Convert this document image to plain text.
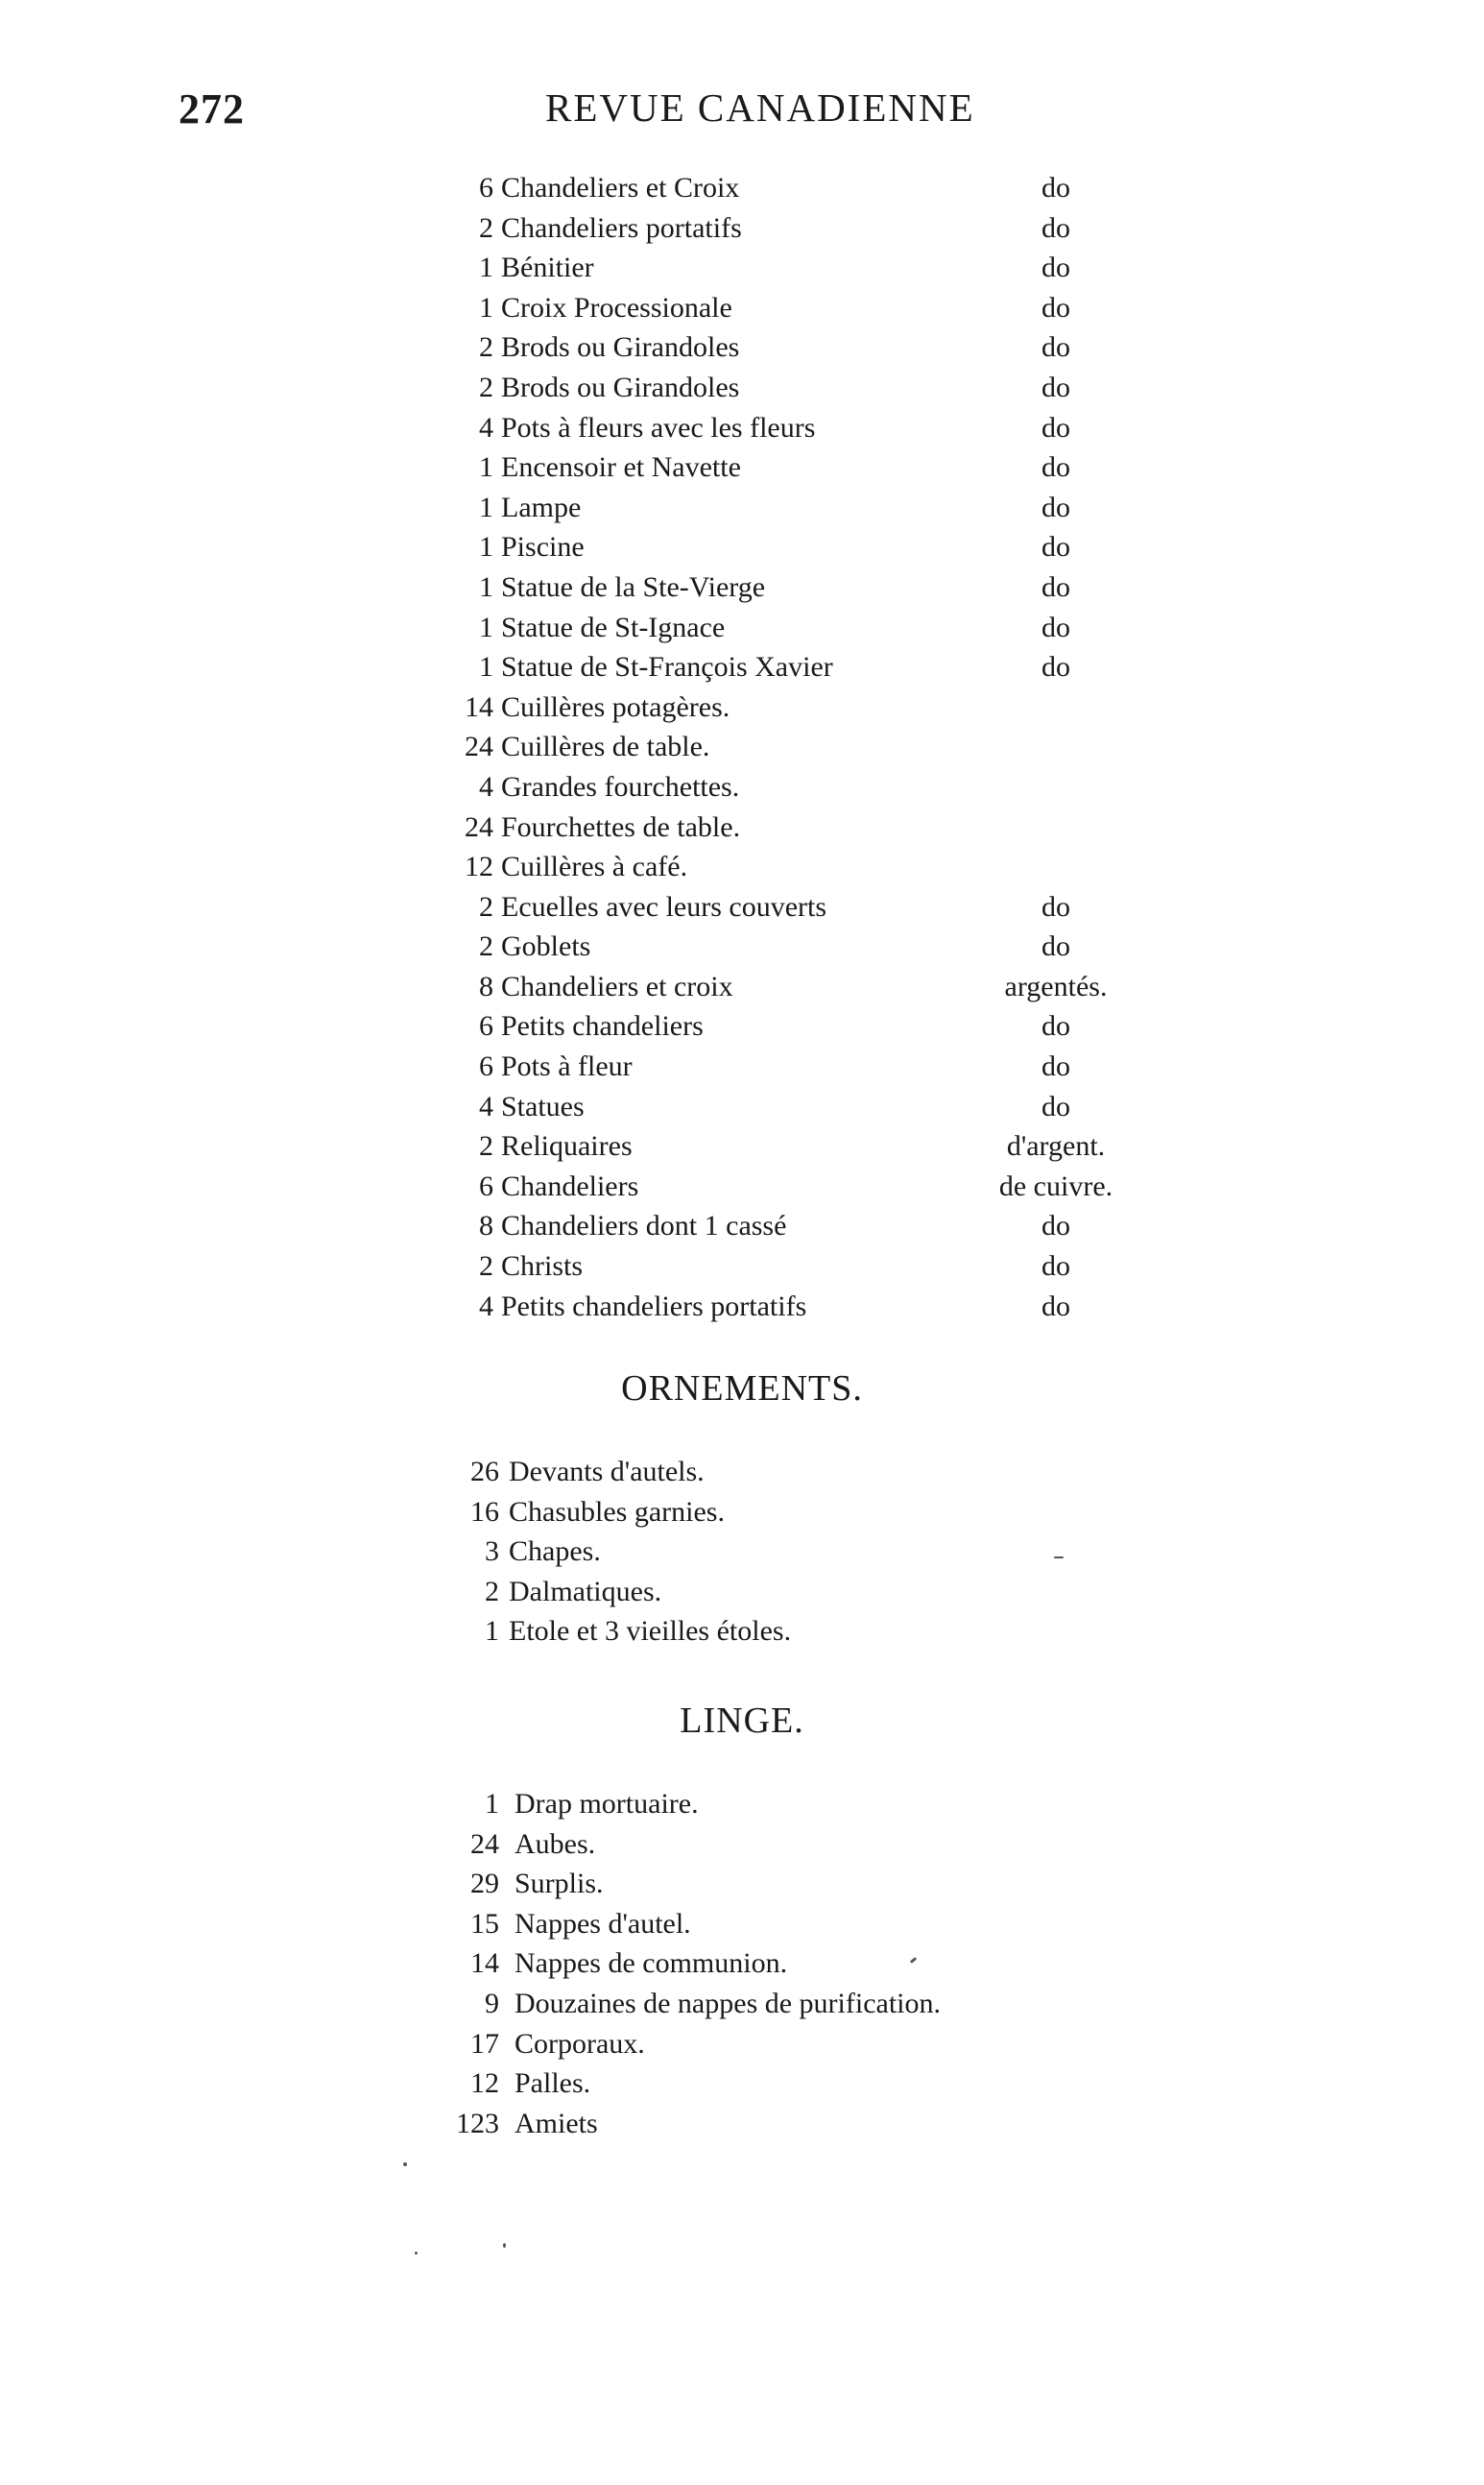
272	REVUE CANADIENNE
6 Chandeliers et Croix	do
2 Chandeliers portatifs	do
1 Bénitier	do
1 Croix Processionale	do
2 Brods ou Girandoles	do
2 Brods ou Girandoles	do
4 Pots à fleurs avec les fleurs	do
1 Encensoir et Navette	do
1 Lampe	do
1 Piscine	do
1 Statue de la Ste-Vierge	do
1 Statue de St-Ignace	do
1 Statue de St-François Xavier	do
14 Cuillères potagères.
24 Cuillères de table.
4 Grandes fourchettes.
24 Fourchettes de table.
12 Cuillères à café.
2 Ecuelles avec leurs couverts	do
2 Goblets	do
8 Chandeliers et croix	argentés.
6 Petits chandeliers	do
6 Pots à fleur	do
4 Statues	do
2 Reliquaires	d'argent.
6 Chandeliers	de cuivre.
8 Chandeliers dont 1 cassé	do
2 Christs	do
4 Petits chandeliers portatifs	do
ORNEMENTS.
26 Devants d'autels.
16 Chasubles garnies.
3 Chapes.
2 Dalmatiques.
1 Etole et 3 vieilles étoles.
LINGE.
1 Drap mortuaire.
24 Aubes.
29 Surplis.
15 Nappes d'autel.
14 Nappes de communion.
9 Douzaines de nappes de purification.
17 Corporaux.
12 Palles.
123 Amiets
